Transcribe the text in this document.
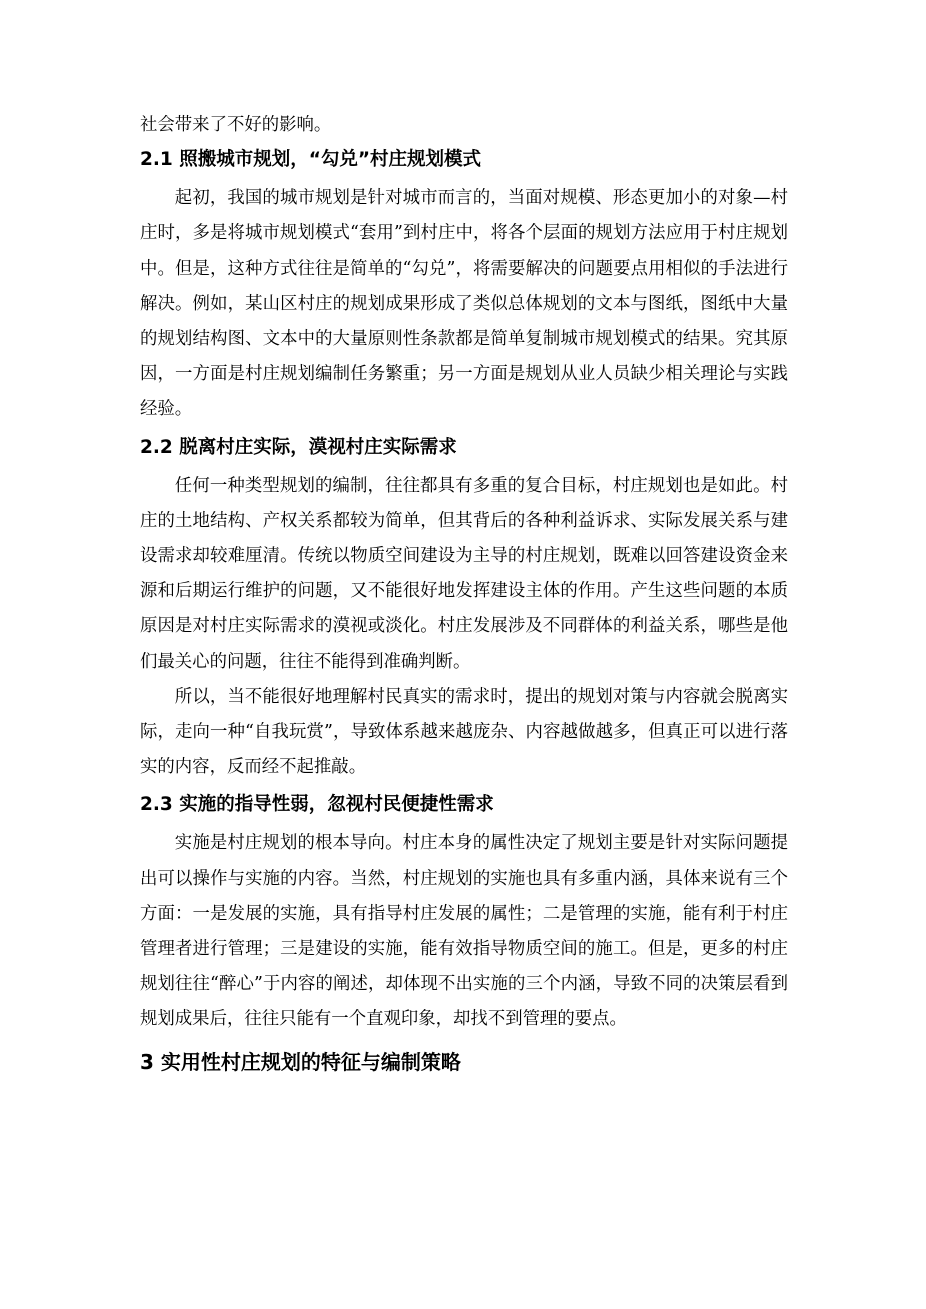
社会带来了不好的影响。

2.1 照搬城市规划，“勾兑”村庄规划模式

起初，我国的城市规划是针对城市而言的，当面对规模、形态更加小的对象—村庄时，多是将城市规划模式“套用”到村庄中，将各个层面的规划方法应用于村庄规划中。但是，这种方式往往是简单的“勾兑”，将需要解决的问题要点用相似的手法进行解决。例如，某山区村庄的规划成果形成了类似总体规划的文本与图纸，图纸中大量的规划结构图、文本中的大量原则性条款都是简单复制城市规划模式的结果。究其原因，一方面是村庄规划编制任务繁重；另一方面是规划从业人员缺少相关理论与实践经验。

2.2 脱离村庄实际，漠视村庄实际需求

任何一种类型规划的编制，往往都具有多重的复合目标，村庄规划也是如此。村庄的土地结构、产权关系都较为简单，但其背后的各种利益诉求、实际发展关系与建设需求却较难厘清。传统以物质空间建设为主导的村庄规划，既难以回答建设资金来源和后期运行维护的问题，又不能很好地发挥建设主体的作用。产生这些问题的本质原因是对村庄实际需求的漠视或淡化。村庄发展涉及不同群体的利益关系，哪些是他们最关心的问题，往往不能得到准确判断。

所以，当不能很好地理解村民真实的需求时，提出的规划对策与内容就会脱离实际，走向一种“自我玩赏”，导致体系越来越庞杂、内容越做越多，但真正可以进行落实的内容，反而经不起推敲。

2.3 实施的指导性弱，忽视村民便捷性需求

实施是村庄规划的根本导向。村庄本身的属性决定了规划主要是针对实际问题提出可以操作与实施的内容。当然，村庄规划的实施也具有多重内涵，具体来说有三个方面：一是发展的实施，具有指导村庄发展的属性；二是管理的实施，能有利于村庄管理者进行管理；三是建设的实施，能有效指导物质空间的施工。但是，更多的村庄规划往往“醉心”于内容的阐述，却体现不出实施的三个内涵，导致不同的决策层看到规划成果后，往往只能有一个直观印象，却找不到管理的要点。

3 实用性村庄规划的特征与编制策略
